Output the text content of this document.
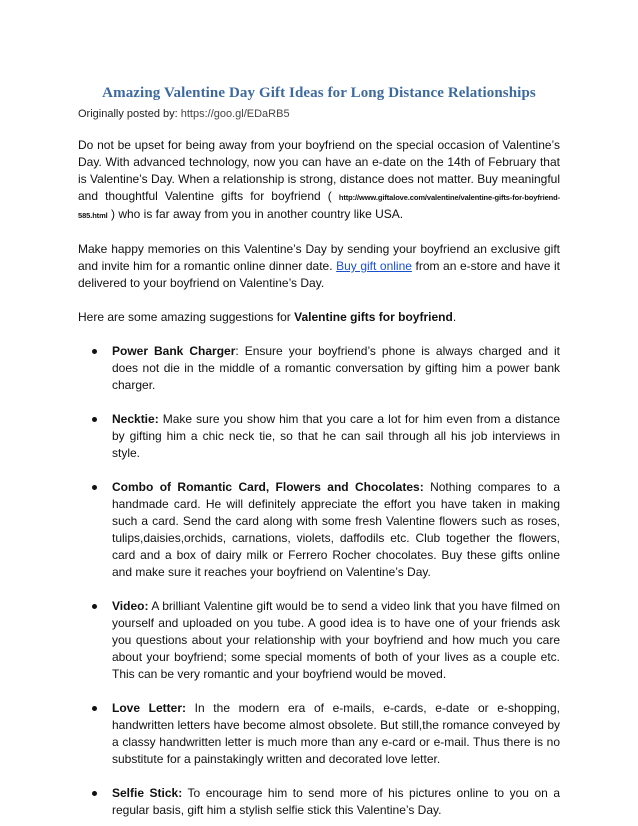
Amazing Valentine Day Gift Ideas for Long Distance Relationships

Originally posted by: https://goo.gl/EDaRB5

Do not be upset for being away from your boyfriend on the special occasion of Valentine’s Day. With advanced technology, now you can have an e-date on the 14th of February that is Valentine’s Day. When a relationship is strong, distance does not matter. Buy meaningful and thoughtful Valentine gifts for boyfriend ( http://www.giftalove.com/valentine/valentine-gifts-for-boyfriend-585.html ) who is far away from you in another country like USA.

Make happy memories on this Valentine’s Day by sending your boyfriend an exclusive gift and invite him for a romantic online dinner date. Buy gift online from an e-store and have it delivered to your boyfriend on Valentine’s Day.

Here are some amazing suggestions for Valentine gifts for boyfriend.

Power Bank Charger: Ensure your boyfriend’s phone is always charged and it does not die in the middle of a romantic conversation by gifting him a power bank charger.
Necktie: Make sure you show him that you care a lot for him even from a distance by gifting him a chic neck tie, so that he can sail through all his job interviews in style.
Combo of Romantic Card, Flowers and Chocolates: Nothing compares to a handmade card. He will definitely appreciate the effort you have taken in making such a card. Send the card along with some fresh Valentine flowers such as roses, tulips,daisies,orchids, carnations, violets, daffodils etc. Club together the flowers, card and a box of dairy milk or Ferrero Rocher chocolates. Buy these gifts online and make sure it reaches your boyfriend on Valentine’s Day.
Video: A brilliant Valentine gift would be to send a video link that you have filmed on yourself and uploaded on you tube. A good idea is to have one of your friends ask you questions about your relationship with your boyfriend and how much you care about your boyfriend; some special moments of both of your lives as a couple etc. This can be very romantic and your boyfriend would be moved.
Love Letter: In the modern era of e-mails, e-cards, e-date or e-shopping, handwritten letters have become almost obsolete. But still,the romance conveyed by a classy handwritten letter is much more than any e-card or e-mail. Thus there is no substitute for a painstakingly written and decorated love letter.
Selfie Stick: To encourage him to send more of his pictures online to you on a regular basis, gift him a stylish selfie stick this Valentine’s Day.
